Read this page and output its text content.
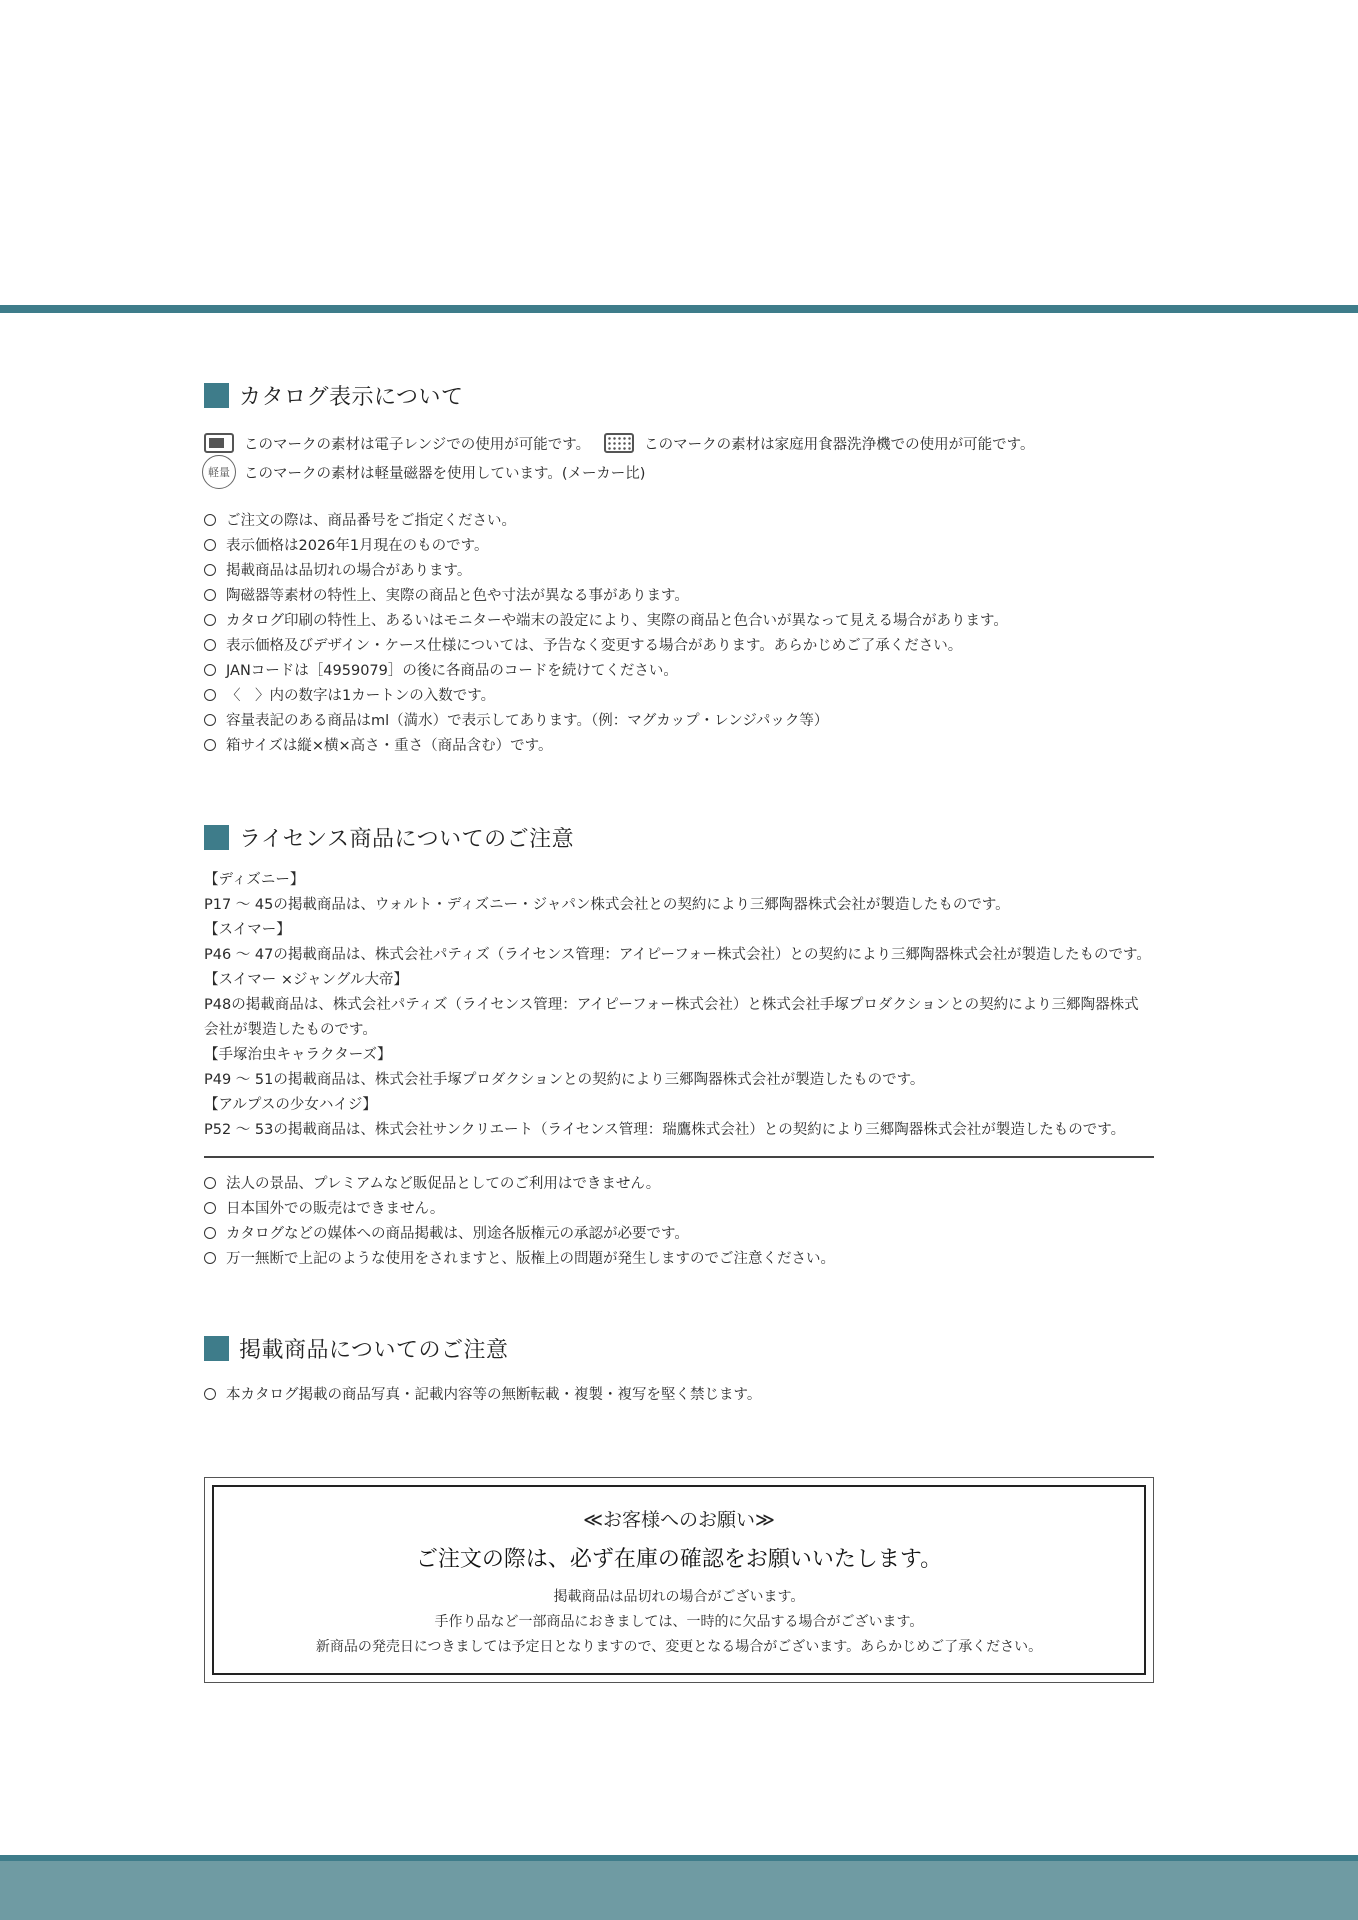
カタログ表示について
このマークの素材は電子レンジでの使用が可能です。	このマークの素材は家庭用食器洗浄機での使用が可能です。
軽量 このマークの素材は軽量磁器を使用しています。(メーカー比)
ご注文の際は、商品番号をご指定ください。
表示価格は2026年1月現在のものです。
掲載商品は品切れの場合があります。
陶磁器等素材の特性上、実際の商品と色や寸法が異なる事があります。
カタログ印刷の特性上、あるいはモニターや端末の設定により、実際の商品と色合いが異なって見える場合があります。
表示価格及びデザイン・ケース仕様については、予告なく変更する場合があります。あらかじめご了承ください。
JANコードは［4959079］の後に各商品のコードを続けてください。
〈　〉内の数字は1カートンの入数です。
容量表記のある商品はml（満水）で表示してあります。（例：マグカップ・レンジパック等）
箱サイズは縦×横×高さ・重さ（商品含む）です。
ライセンス商品についてのご注意
【ディズニー】
P17 ～ 45の掲載商品は、ウォルト・ディズニー・ジャパン株式会社との契約により三郷陶器株式会社が製造したものです。
【スイマー】
P46 ～ 47の掲載商品は、株式会社パティズ（ライセンス管理：アイピーフォー株式会社）との契約により三郷陶器株式会社が製造したものです。
【スイマー ×ジャングル大帝】
P48の掲載商品は、株式会社パティズ（ライセンス管理：アイピーフォー株式会社）と株式会社手塚プロダクションとの契約により三郷陶器株式
会社が製造したものです。
【手塚治虫キャラクターズ】
P49 ～ 51の掲載商品は、株式会社手塚プロダクションとの契約により三郷陶器株式会社が製造したものです。
【アルプスの少女ハイジ】
P52 ～ 53の掲載商品は、株式会社サンクリエート（ライセンス管理：瑞鷹株式会社）との契約により三郷陶器株式会社が製造したものです。
法人の景品、プレミアムなど販促品としてのご利用はできません。
日本国外での販売はできません。
カタログなどの媒体への商品掲載は、別途各版権元の承認が必要です。
万一無断で上記のような使用をされますと、版権上の問題が発生しますのでご注意ください。
掲載商品についてのご注意
本カタログ掲載の商品写真・記載内容等の無断転載・複製・複写を堅く禁じます。
≪お客様へのお願い≫
ご注文の際は、必ず在庫の確認をお願いいたします。
掲載商品は品切れの場合がございます。
手作り品など一部商品におきましては、一時的に欠品する場合がございます。
新商品の発売日につきましては予定日となりますので、変更となる場合がございます。あらかじめご了承ください。
